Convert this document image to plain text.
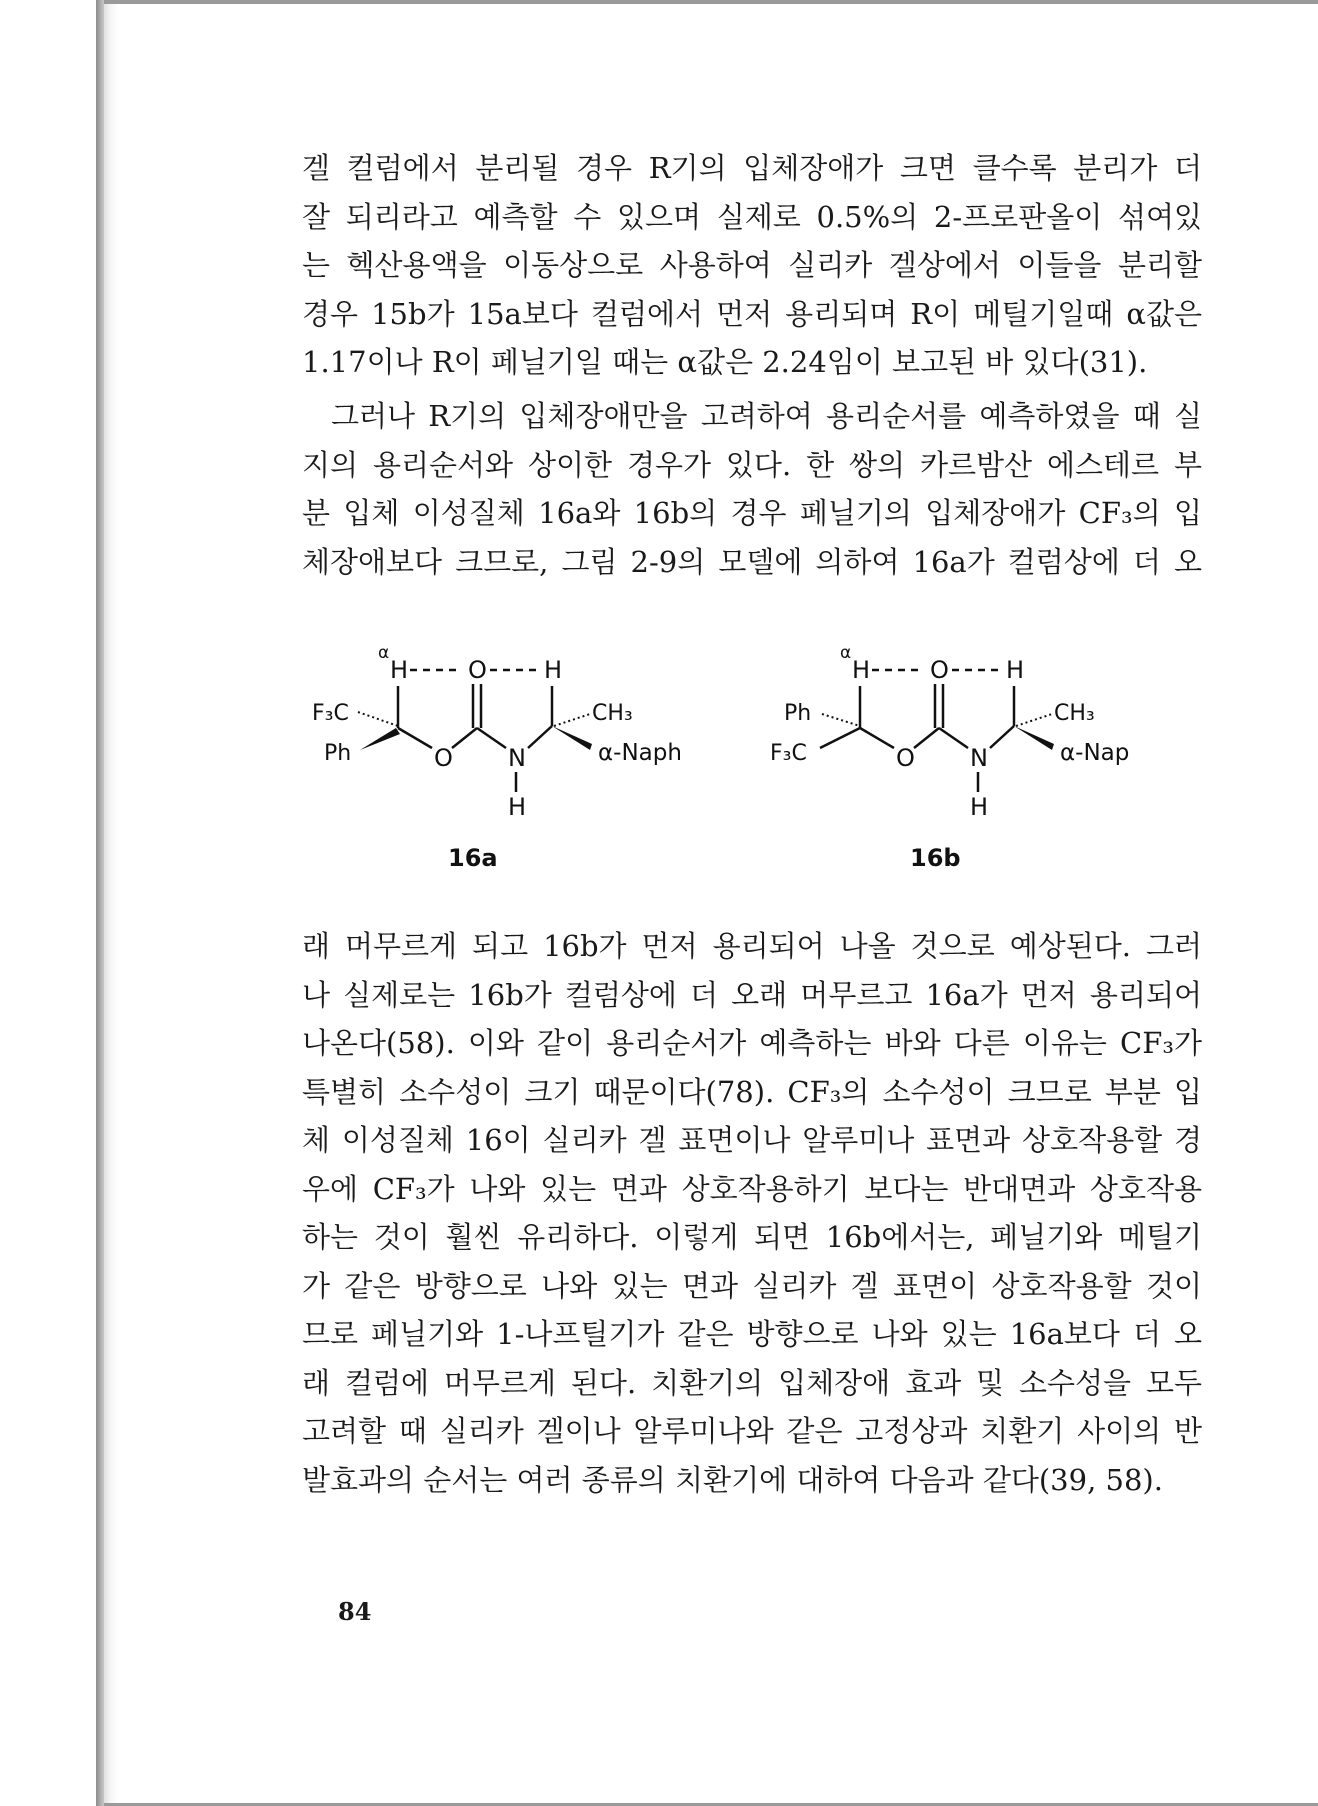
겔 컬럼에서 분리될 경우 R기의 입체장애가 크면 클수록 분리가 더

잘 되리라고 예측할 수 있으며 실제로 0.5%의 2-프로판올이 섞여있

는 헥산용액을 이동상으로 사용하여 실리카 겔상에서 이들을 분리할

경우 15b가 15a보다 컬럼에서 먼저 용리되며 R이 메틸기일때 α값은

1.17이나 R이 페닐기일 때는 α값은 2.24임이 보고된 바 있다(31).

그러나 R기의 입체장애만을 고려하여 용리순서를 예측하였을 때 실

지의 용리순서와 상이한 경우가 있다. 한 쌍의 카르밤산 에스테르 부

분 입체 이성질체 16a와 16b의 경우 페닐기의 입체장애가 CF₃의 입

체장애보다 크므로, 그림 2-9의 모델에 의하여 16a가 컬럼상에 더 오

α
H O H
F₃C
Ph	O N
H
CH₃
α-Naph
16a
α
H O H
Ph
F₃C	O N
H
CH₃
α-Nap
16b

래 머무르게 되고 16b가 먼저 용리되어 나올 것으로 예상된다. 그러

나 실제로는 16b가 컬럼상에 더 오래 머무르고 16a가 먼저 용리되어

나온다(58). 이와 같이 용리순서가 예측하는 바와 다른 이유는 CF₃가

특별히 소수성이 크기 때문이다(78). CF₃의 소수성이 크므로 부분 입

체 이성질체 16이 실리카 겔 표면이나 알루미나 표면과 상호작용할 경

우에 CF₃가 나와 있는 면과 상호작용하기 보다는 반대면과 상호작용

하는 것이 훨씬 유리하다. 이렇게 되면 16b에서는, 페닐기와 메틸기

가 같은 방향으로 나와 있는 면과 실리카 겔 표면이 상호작용할 것이

므로 페닐기와 1-나프틸기가 같은 방향으로 나와 있는 16a보다 더 오

래 컬럼에 머무르게 된다. 치환기의 입체장애 효과 및 소수성을 모두

고려할 때 실리카 겔이나 알루미나와 같은 고정상과 치환기 사이의 반

발효과의 순서는 여러 종류의 치환기에 대하여 다음과 같다(39, 58).

84
